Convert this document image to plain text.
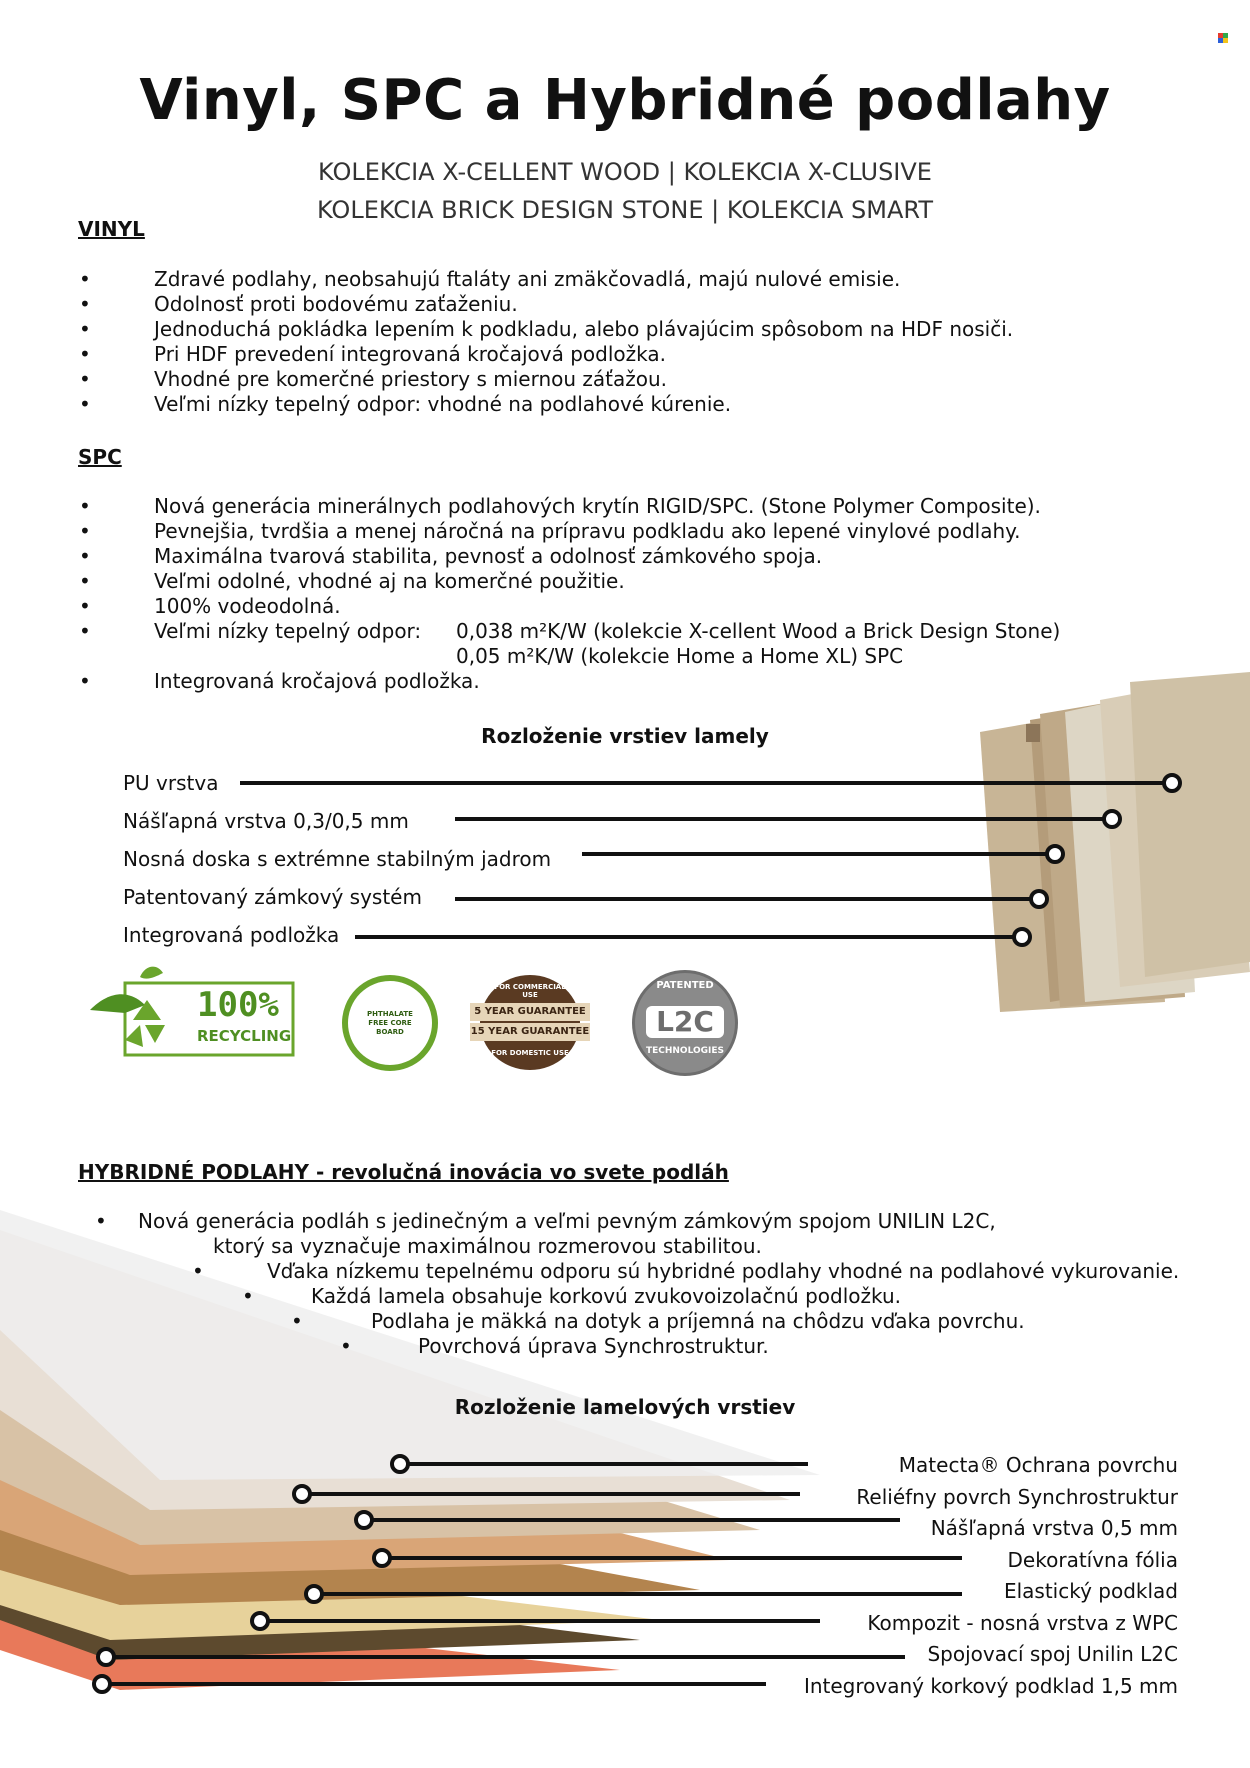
Vinyl, SPC a Hybridné podlahy
KOLEKCIA X-CELLENT WOOD | KOLEKCIA X-CLUSIVE
KOLEKCIA BRICK DESIGN STONE | KOLEKCIA SMART
VINYL
•	Zdravé podlahy, neobsahujú ftaláty ani zmäkčovadlá, majú nulové emisie.
•	Odolnosť proti bodovému zaťaženiu.
•	Jednoduchá pokládka lepením k podkladu, alebo plávajúcim spôsobom na HDF nosiči.
•	Pri HDF prevedení integrovaná kročajová podložka.
•	Vhodné pre komerčné priestory s miernou záťažou.
•	Veľmi nízky tepelný odpor: vhodné na podlahové kúrenie.
SPC
•	Nová generácia minerálnych podlahových krytín RIGID/SPC. (Stone Polymer Composite).
•	Pevnejšia, tvrdšia a menej náročná na prípravu podkladu ako lepené vinylové podlahy.
•	Maximálna tvarová stabilita, pevnosť a odolnosť zámkového spoja.
•	Veľmi odolné, vhodné aj na komerčné použitie.
•	100% vodeodolná.
•	Veľmi nízky tepelný odpor: 0,038 m²K/W (kolekcie X-cellent Wood a Brick Design Stone)
0,05 m²K/W (kolekcie Home a Home XL) SPC

•	Integrovaná kročajová podložka.
Rozloženie vrstiev lamely
PU vrstva
Nášľapná vrstva 0,3/0,5 mm
Nosná doska s extrémne stabilným jadrom
Patentovaný zámkový systém
Integrovaná podložka
100%
RECYCLING
PHTHALATE FREE CORE BOARD
FOR COMMERCIAL USE
5 YEAR GUARANTEE
15 YEAR GUARANTEE
FOR DOMESTIC USE
PATENTED
L2C
TECHNOLOGIES
HYBRIDNÉ PODLAHY - revolučná inovácia vo svete podláh
• Nová generácia podláh s jedinečným a veľmi pevným zámkovým spojom UNILIN L2C,
ktorý sa vyznačuje maximálnou rozmerovou stabilitou.
•	Vďaka nízkemu tepelnému odporu sú hybridné podlahy vhodné na podlahové vykurovanie.
•	Každá lamela obsahuje korkovú zvukovoizolačnú podložku.
•	Podlaha je mäkká na dotyk a príjemná na chôdzu vďaka povrchu.
•	Povrchová úprava Synchrostruktur.
Rozloženie lamelových vrstiev
Matecta® Ochrana povrchu
Reliéfny povrch Synchrostruktur
Nášľapná vrstva 0,5 mm
Dekoratívna fólia
Elastický podklad
Kompozit - nosná vrstva z WPC
Spojovací spoj Unilin L2C
Integrovaný korkový podklad 1,5 mm
